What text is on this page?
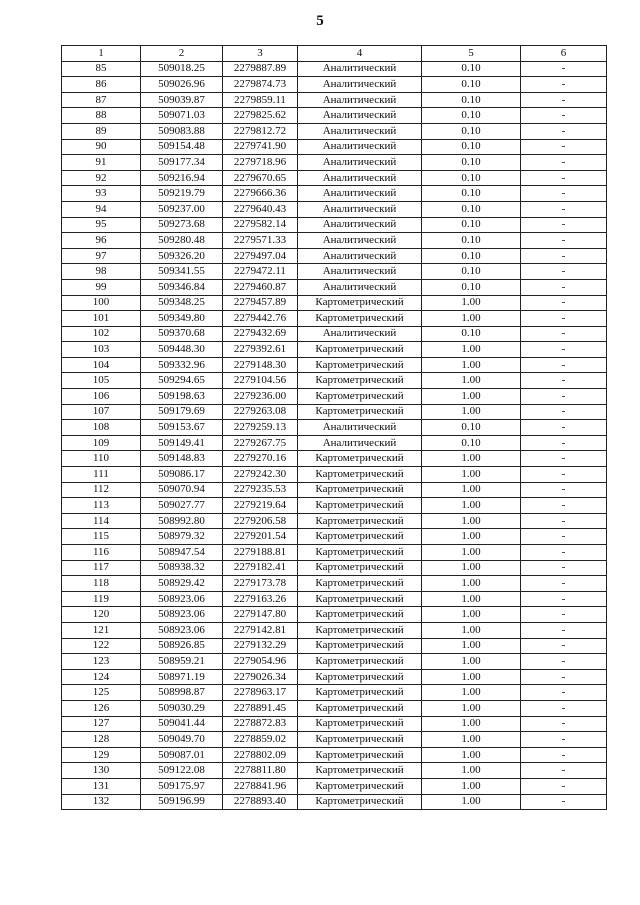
5
1	2	3	4	5	6
85	509018.25	2279887.89	Аналитический	0.10	-
86	509026.96	2279874.73	Аналитический	0.10	-
87	509039.87	2279859.11	Аналитический	0.10	-
88	509071.03	2279825.62	Аналитический	0.10	-
89	509083.88	2279812.72	Аналитический	0.10	-
90	509154.48	2279741.90	Аналитический	0.10	-
91	509177.34	2279718.96	Аналитический	0.10	-
92	509216.94	2279670.65	Аналитический	0.10	-
93	509219.79	2279666.36	Аналитический	0.10	-
94	509237.00	2279640.43	Аналитический	0.10	-
95	509273.68	2279582.14	Аналитический	0.10	-
96	509280.48	2279571.33	Аналитический	0.10	-
97	509326.20	2279497.04	Аналитический	0.10	-
98	509341.55	2279472.11	Аналитический	0.10	-
99	509346.84	2279460.87	Аналитический	0.10	-
100	509348.25	2279457.89	Картометрический	1.00	-
101	509349.80	2279442.76	Картометрический	1.00	-
102	509370.68	2279432.69	Аналитический	0.10	-
103	509448.30	2279392.61	Картометрический	1.00	-
104	509332.96	2279148.30	Картометрический	1.00	-
105	509294.65	2279104.56	Картометрический	1.00	-
106	509198.63	2279236.00	Картометрический	1.00	-
107	509179.69	2279263.08	Картометрический	1.00	-
108	509153.67	2279259.13	Аналитический	0.10	-
109	509149.41	2279267.75	Аналитический	0.10	-
110	509148.83	2279270.16	Картометрический	1.00	-
111	509086.17	2279242.30	Картометрический	1.00	-
112	509070.94	2279235.53	Картометрический	1.00	-
113	509027.77	2279219.64	Картометрический	1.00	-
114	508992.80	2279206.58	Картометрический	1.00	-
115	508979.32	2279201.54	Картометрический	1.00	-
116	508947.54	2279188.81	Картометрический	1.00	-
117	508938.32	2279182.41	Картометрический	1.00	-
118	508929.42	2279173.78	Картометрический	1.00	-
119	508923.06	2279163.26	Картометрический	1.00	-
120	508923.06	2279147.80	Картометрический	1.00	-
121	508923.06	2279142.81	Картометрический	1.00	-
122	508926.85	2279132.29	Картометрический	1.00	-
123	508959.21	2279054.96	Картометрический	1.00	-
124	508971.19	2279026.34	Картометрический	1.00	-
125	508998.87	2278963.17	Картометрический	1.00	-
126	509030.29	2278891.45	Картометрический	1.00	-
127	509041.44	2278872.83	Картометрический	1.00	-
128	509049.70	2278859.02	Картометрический	1.00	-
129	509087.01	2278802.09	Картометрический	1.00	-
130	509122.08	2278811.80	Картометрический	1.00	-
131	509175.97	2278841.96	Картометрический	1.00	-
132	509196.99	2278893.40	Картометрический	1.00	-
